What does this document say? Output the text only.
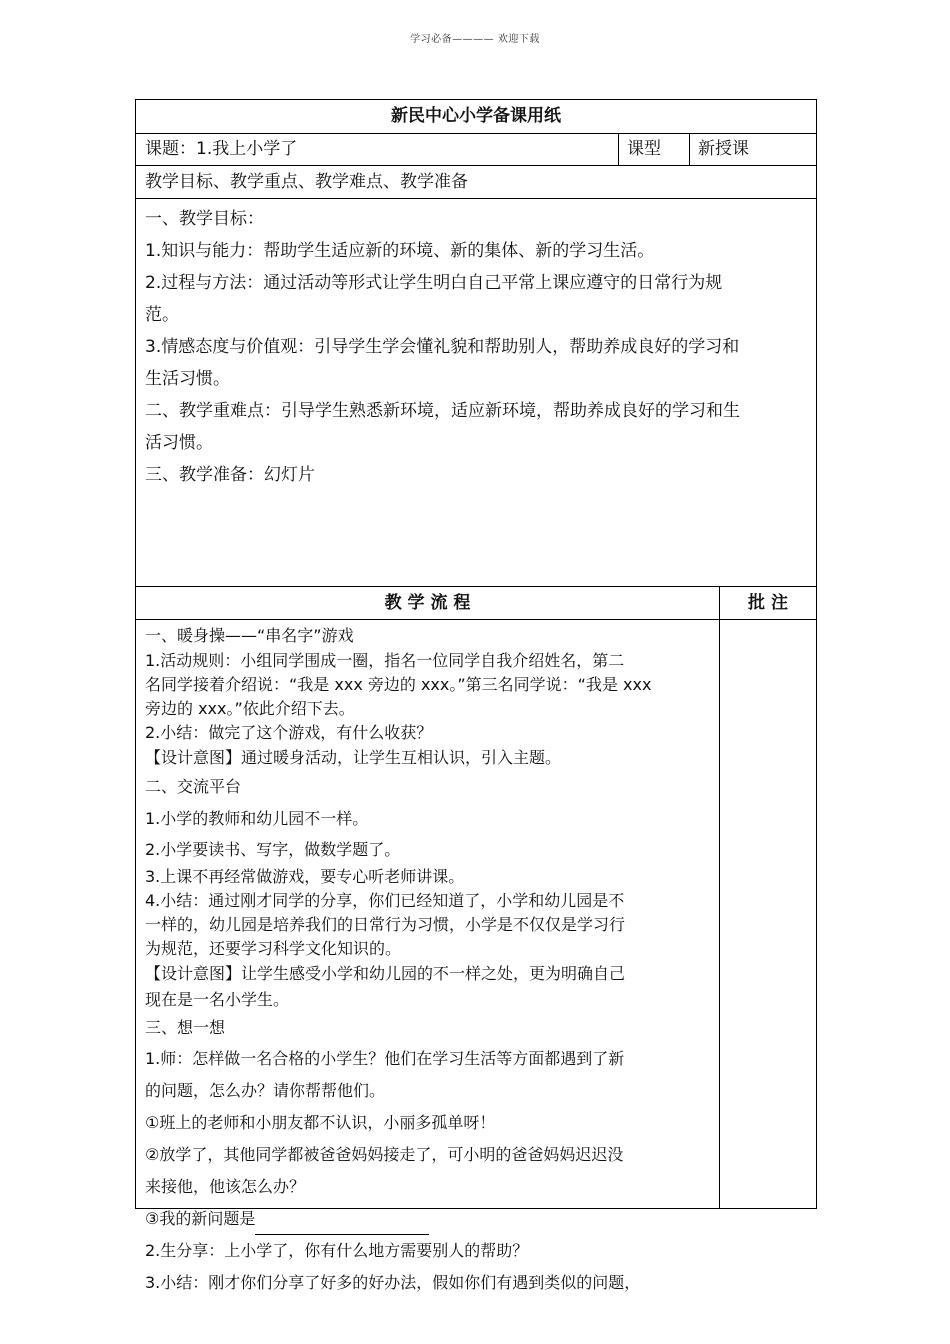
学习必备———— 欢迎下载
新民中心小学备课用纸
课题：1.我上小学了	课型 新授课
教学目标、教学重点、教学难点、教学准备

一、教学目标：

1.知识与能力：帮助学生适应新的环境、新的集体、新的学习生活。

2.过程与方法：通过活动等形式让学生明白自己平常上课应遵守的日常行为规

范。

3.情感态度与价值观：引导学生学会懂礼貌和帮助别人，帮助养成良好的学习和

生活习惯。

二、教学重难点：引导学生熟悉新环境，适应新环境，帮助养成良好的学习和生

活习惯。

三、教学准备：幻灯片

教 学 流 程	批 注

一、暖身操——“串名字”游戏

1.活动规则：小组同学围成一圈，指名一位同学自我介绍姓名，第二

名同学接着介绍说：“我是 xxx 旁边的 xxx。”第三名同学说：“我是 xxx

旁边的 xxx。”依此介绍下去。

2.小结：做完了这个游戏，有什么收获？

【设计意图】通过暖身活动，让学生互相认识，引入主题。

二、交流平台

1.小学的教师和幼儿园不一样。

2.小学要读书、写字，做数学题了。

3.上课不再经常做游戏，要专心听老师讲课。

4.小结：通过刚才同学的分享，你们已经知道了，小学和幼儿园是不

一样的，幼儿园是培养我们的日常行为习惯，小学是不仅仅是学习行

为规范，还要学习科学文化知识的。

【设计意图】让学生感受小学和幼儿园的不一样之处，更为明确自己

现在是一名小学生。

三、想一想

1.师：怎样做一名合格的小学生？他们在学习生活等方面都遇到了新

的问题，怎么办？请你帮帮他们。

①班上的老师和小朋友都不认识，小丽多孤单呀！

②放学了，其他同学都被爸爸妈妈接走了，可小明的爸爸妈妈迟迟没

来接他，他该怎么办？

③我的新问题是

2.生分享：上小学了，你有什么地方需要别人的帮助？

3.小结：刚才你们分享了好多的好办法，假如你们有遇到类似的问题，
